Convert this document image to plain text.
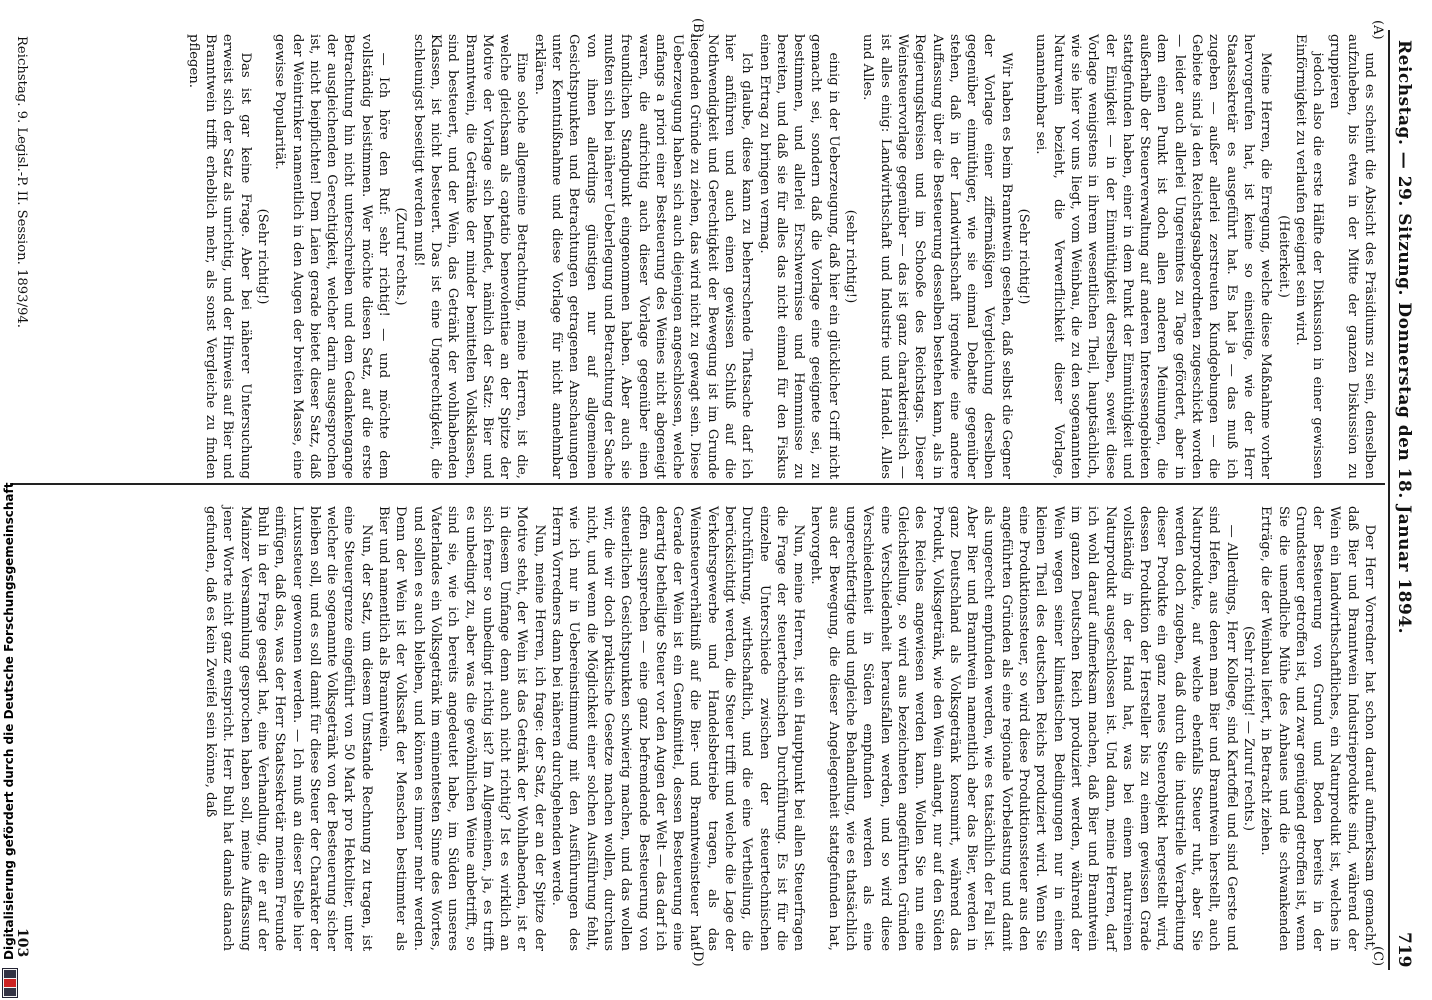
Reichstag. — 29. Sitzung. Donnerstag den 18. Januar 1894.
719
(A)
(B)
(C)
(D)

und es scheint die Absicht des Präsidiums zu sein, denselben aufzuheben, bis etwa in der Mitte der ganzen Diskussion zu gruppieren

jedoch also die erste Hälfte der Diskussion in einer gewissen Einförmigkeit zu verlaufen geeignet sein wird.

(Heiterkeit.)

Meine Herren, die Erregung, welche diese Maßnahme vorher hervorgerufen hat, ist keine so einseitige, wie der Herr Staatssekretär es ausgeführt hat. Es hat ja — das muß ich zugeben — außer allerlei zerstreuten Kundgebungen — die Gebiete sind ja den Reichstagsabgeordneten zugeschickt worden — leider auch allerlei Ungereimtes zu Tage gefördert, aber in dem einen Punkt ist doch allen anderen Meinungen, die außerhalb der Steuerverwaltung auf anderen Interessengebieten stattgefunden haben, einer in dem Punkt der Einmüthigkeit und der Einigkeit — in der Einmüthigkeit derselben, soweit diese Vorlage wenigstens in ihrem wesentlichen Theil, hauptsächlich, wie sie hier vor uns liegt, vom Weinbau, die zu den sogenannten Naturwein bezieht, die Verwerflichkeit dieser Vorlage, unannehmbar sei.

(Sehr richtig!)

Wir haben es beim Branntwein gesehen, daß selbst die Gegner der Vorlage einer ziffermäßigen Vergleichung derselben gegenüber einmüthiger, wie sie einmal Debatte gegenüber stehen, daß in der Landwirthschaft irgendwie eine andere Auffassung über die Besteuerung desselben bestehen kann, als in Regierungskreisen und im Schooße des Reichstags. Dieser Weinsteuervorlage gegenüber — das ist ganz charakteristisch — ist alles einig: Landwirthschaft und Industrie und Handel. Alles und Alles.

(sehr richtig!)

einig in der Ueberzeugung, daß hier ein glücklicher Griff nicht gemacht sei, sondern daß die Vorlage eine geeignete sei, zu bestimmen, und allerlei Erschwernisse und Hemmnisse zu bereiten, und daß sie für alles das nicht einmal für den Fiskus einen Ertrag zu bringen vermag.

Ich glaube, diese kann zu beherrschende Thatsache darf ich hier anführen und auch einen gewissen Schluß auf die Nothwendigkeit und Gerechtigkeit der Bewegung ist im Grunde liegenden Gründe zu ziehen, das wird nicht zu gewagt sein. Diese Ueberzeugung haben sich auch diejenigen angeschlossen, welche anfangs a priori einer Besteuerung des Weines nicht abgeneigt waren, die aufrichtig auch dieser Vorlage gegenüber einen freundlichen Standpunkt eingenommen haben. Aber auch sie mußten sich bei näherer Ueberlegung und Betrachtung der Sache von ihnen allerdings günstigen nur auf allgemeinen Gesichtspunkten und Betrachtungen getragenen Anschauungen unter Kenntnißnahme und diese Vorlage für nicht annehmbar erklären.

Eine solche allgemeine Betrachtung, meine Herren, ist die, welche gleichsam als captatio benevolentiae an der Spitze der Motive der Vorlage sich befindet, nämlich der Satz: Bier und Branntwein, die Getränke der minder bemittelten Volksklassen, sind besteuert, und der Wein, das Getränk der wohlhabenden Klassen, ist nicht besteuert. Das ist eine Ungerechtigkeit, die schleunigst beseitigt werden muß!

(Zuruf rechts.)

— Ich höre den Ruf: sehr richtig! — und möchte dem vollständig beistimmen. Wer möchte diesen Satz, auf die erste Betrachtung hin nicht unterschreiben und dem Gedankengange der ausgleichenden Gerechtigkeit, welcher darin ausgesprochen ist, nicht beipflichten! Dem Laien gerade bietet dieser Satz, daß der Weintrinker namentlich in den Augen der breiten Masse, eine gewisse Popularität.

(Sehr richtig!)

Das ist gar keine Frage. Aber bei näherer Untersuchung erweist sich der Satz als unrichtig, und der Hinweis auf Bier und Branntwein trifft erheblich mehr, als sonst Vergleiche zu finden pflegen.

Der Herr Vorredner hat schon darauf aufmerksam gemacht, daß Bier und Branntwein Industrieprodukte sind, während der Wein ein landwirthschaftliches, ein Naturprodukt ist, welches in der Besteuerung von Grund und Boden bereits in der Grundsteuer getroffen ist, und zwar genügend getroffen ist, wenn Sie die unendliche Mühe des Anbaues und die schwankenden Erträge, die der Weinbau liefert, in Betracht ziehen.

(Sehr richtig! — Zuruf rechts.)

— Allerdings, Herr Kollege, sind Kartoffel und sind Gerste und sind Hefen, aus denen man Bier und Branntwein herstellt, auch Naturprodukte, auf welche ebenfalls Steuer ruht, aber Sie werden doch zugeben, daß durch die industrielle Verarbeitung dieser Produkte ein ganz neues Steuerobjekt hergestellt wird, dessen Produktion der Hersteller bis zu einem gewissen Grade vollständig in der Hand hat, was bei einem naturreinen Naturprodukt ausgeschlossen ist. Und dann, meine Herren, darf ich wohl darauf aufmerksam machen, daß Bier und Branntwein im ganzen Deutschen Reich produziert werden, während der Wein wegen seiner klimatischen Bedingungen nur in einem kleinen Theil des deutschen Reichs produziert wird. Wenn Sie eine Produktionssteuer, so wird diese Produktionssteuer aus den angeführten Gründen als eine regionale Vorbelastung und damit als ungerecht empfunden werden, wie es tatsächlich der Fall ist. Aber Bier und Branntwein namentlich aber das Bier, werden in ganz Deutschland als Volksgetränk konsumirt, während das Produkt, Volksgetränk, wie den Wein anlangt, nur auf den Süden des Reiches angewiesen werden kann. Wollen Sie nun eine Gleichstellung, so wird aus bezeichneten angeführten Gründen eine Verschiedenheit herausfallen werden, und so wird diese Verschiedenheit in Süden empfunden werden als eine ungerechtfertigte und ungleiche Behandlung, wie es thatsächlich aus der Bewegung, die dieser Angelegenheit stattgefunden hat, hervorgeht.

Nun, meine Herren, ist ein Hauptpunkt bei allen Steuerfragen die Frage der steuertechnischen Durchführung. Es ist für die einzelne Unterschiede zwischen der steuertechnischen Durchführung, wirthschaftlich, und die eine Vertheilung, die berücksichtigt werden, die Steuer trifft und welche die Lage der Verkehrsgewerbe und Handelsbetriebe tragen, als das Weinsteuerverhältniß auf die Bier- und Branntweinsteuer hat. Gerade der Wein ist ein Genußmittel, dessen Besteuerung eine derartig betheiligte Steuer vor den Augen der Welt — das darf ich offen aussprechen — eine ganz befremdende Besteuerung von steuerlichen Gesichtspunkten schwierig machen, und das wollen wir, die wir doch praktische Gesetze machen wollen, durchaus nicht, und wenn die Möglichkeit einer solchen Ausführung fehlt, wie ich nur in Uebereinstimmung mit den Ausführungen des Herrn Vorredners dann bei näheren durchgehenden werde.

Nun, meine Herren, ich frage: der Satz, der an der Spitze der Motive steht, der Wein ist das Getränk der Wohlhabenden, ist er in diesem Umfange denn auch nicht richtig? Ist es wirklich an sich ferner so unbedingt richtig ist? Im Allgemeinen, ja, es trifft es unbedingt zu, aber was die gewöhnlichen Weine anbetrifft, so sind sie, wie ich bereits angedeutet habe, im Süden unseres Vaterlandes ein Volksgetränk im eminentesten Sinne des Wortes, und sollen es auch bleiben, und können es immer mehr werden. Denn der Wein ist der Volkssaft der Menschen bestimmter als Bier und namentlich als Branntwein.

Nun, der Satz, um diesem Umstande Rechnung zu tragen, ist eine Steuergrenze eingeführt von 50 Mark pro Hektoliter, unter welcher die sogenannte Volksgetränk von der Besteuerung sicher bleiben soll, und es soll damit für diese Steuer der Charakter der Luxussteuer gewonnen werden. — Ich muß an dieser Stelle hier einfügen, daß das, was der Herr Staatssekretär meinem Freunde Buhl in der Frage gesagt hat, eine Verhandlung, die er auf der Mainzer Versammlung gesprochen haben soll, meine Auffassung jener Worte nicht ganz entspricht. Herr Buhl hat damals danach gefunden, daß es kein Zweifel sein könne, daß

Reichstag. 9. Legisl.-P. II. Session. 1893/94.

103
Digitalisierung gefördert durch die Deutsche Forschungsgemeinschaft
